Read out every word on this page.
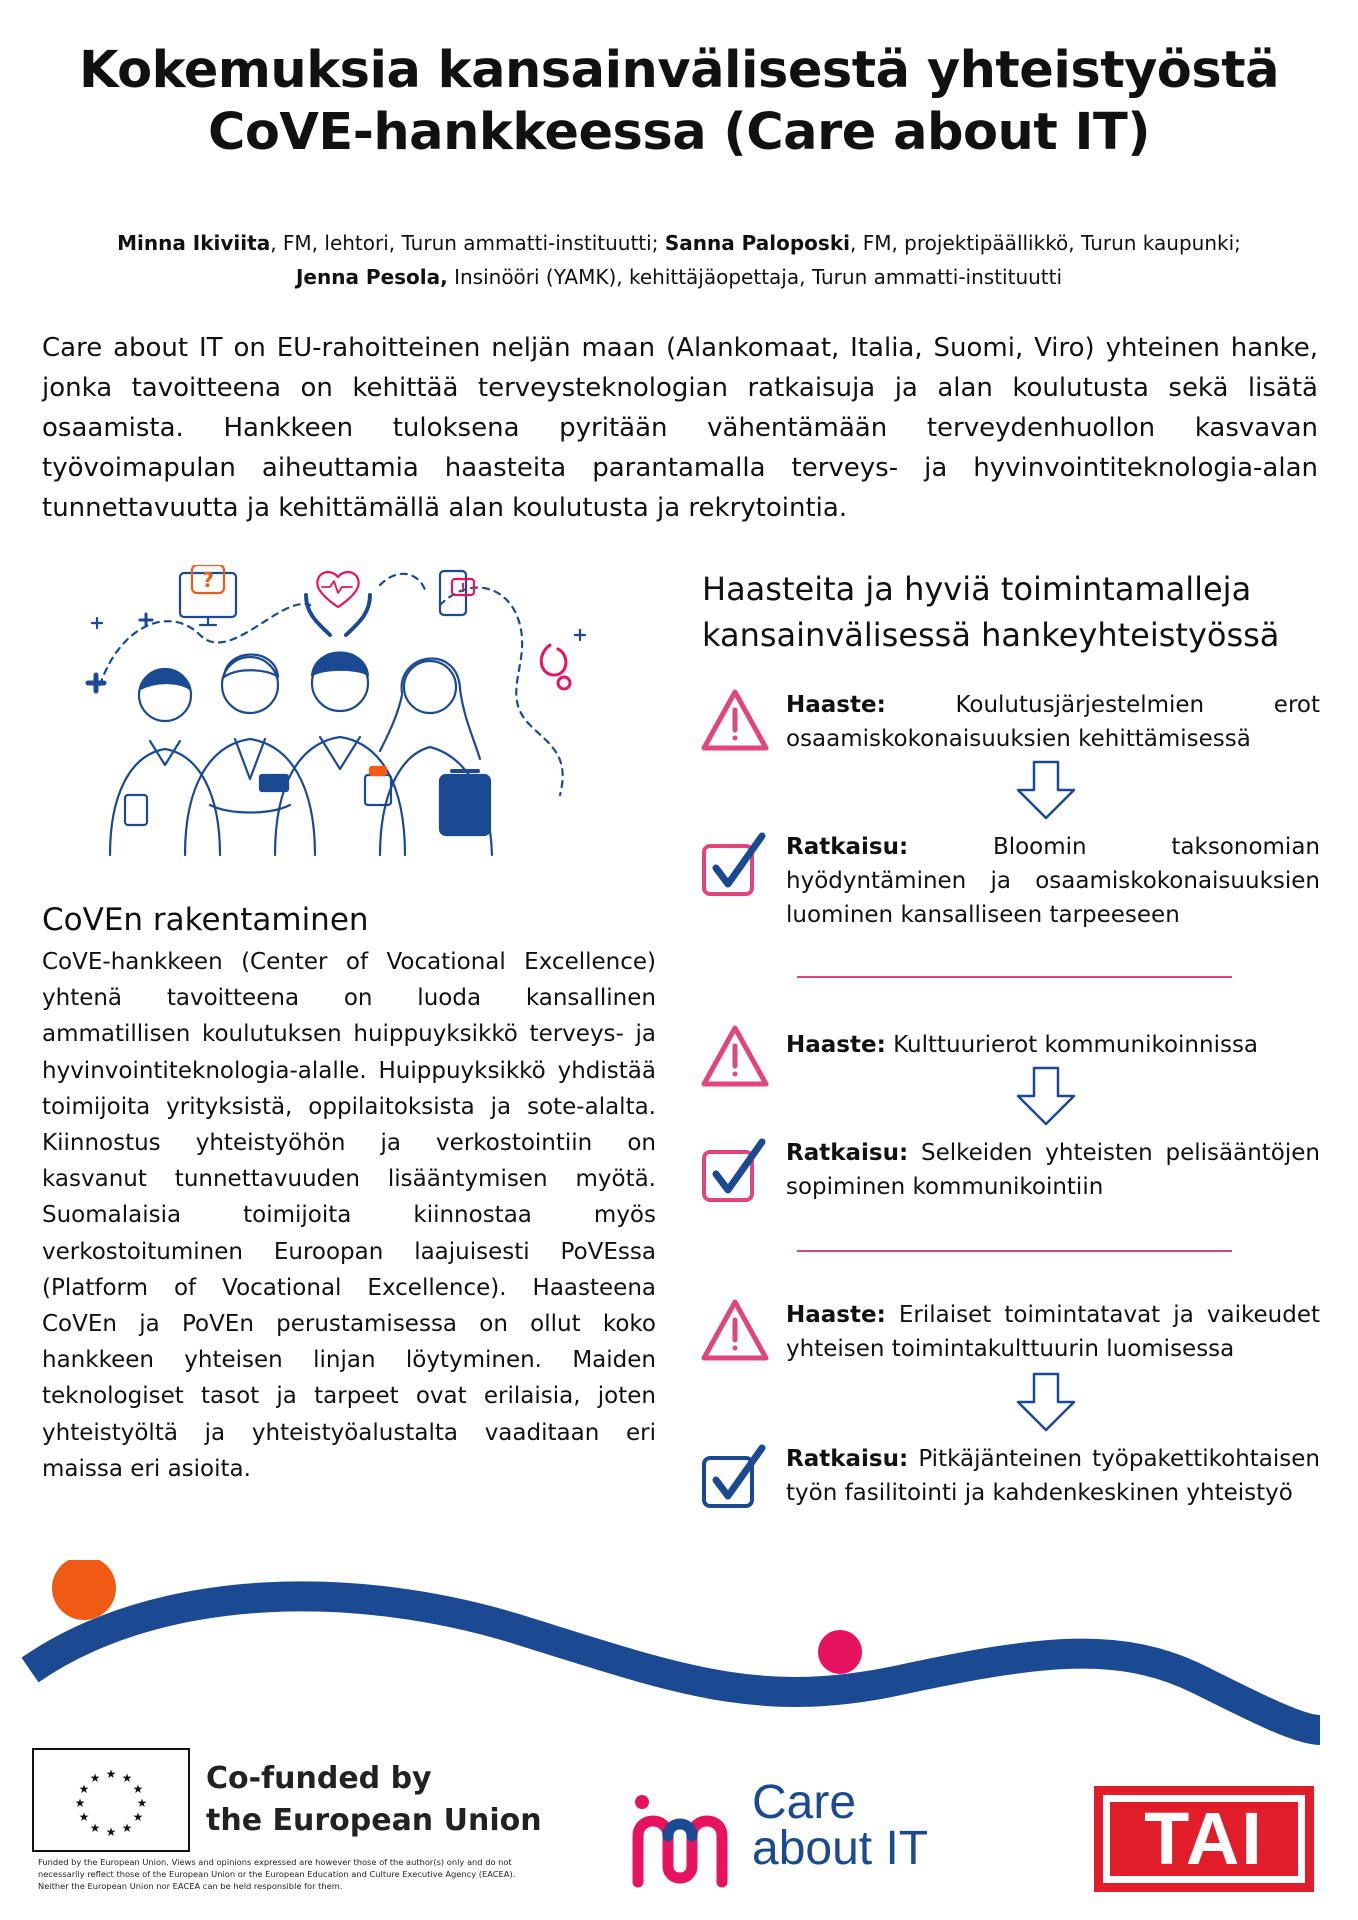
Kokemuksia kansainvälisestä yhteistyöstä
CoVE-hankkeessa (Care about IT)
Minna Ikiviita, FM, lehtori, Turun ammatti-instituutti; Sanna Paloposki, FM, projektipäällikkö, Turun kaupunki;
Jenna Pesola, Insinööri (YAMK), kehittäjäopettaja, Turun ammatti-instituutti

Care about IT on EU-rahoitteinen neljän maan (Alankomaat, Italia, Suomi, Viro) yhteinen hanke, jonka tavoitteena on kehittää terveysteknologian ratkaisuja ja alan koulutusta sekä lisätä osaamista. Hankkeen tuloksena pyritään vähentämään terveydenhuollon kasvavan työvoimapulan aiheuttamia haasteita parantamalla terveys- ja hyvinvointiteknologia-alan tunnettavuutta ja kehittämällä alan koulutusta ja rekrytointia.

?	!
CoVEn rakentaminen

CoVE-hankkeen (Center of Vocational Excellence) yhtenä tavoitteena on luoda kansallinen ammatillisen koulutuksen huippuyksikkö terveys- ja hyvinvointiteknologia-alalle. Huippuyksikkö yhdistää toimijoita yrityksistä, oppilaitoksista ja sote-alalta. Kiinnostus yhteistyöhön ja verkostointiin on kasvanut tunnettavuuden lisääntymisen myötä. Suomalaisia toimijoita kiinnostaa myös verkostoituminen Euroopan laajuisesti PoVEssa (Platform of Vocational Excellence). Haasteena CoVEn ja PoVEn perustamisessa on ollut koko hankkeen yhteisen linjan löytyminen. Maiden teknologiset tasot ja tarpeet ovat erilaisia, joten yhteistyöltä ja yhteistyöalustalta vaaditaan eri maissa eri asioita.

Haasteita ja hyviä toimintamalleja
kansainvälisessä hankeyhteistyössä
Haaste: Koulutusjärjestelmien erot osaamiskokonaisuuksien kehittämisessä
Ratkaisu: Bloomin taksonomian hyödyntäminen ja osaamiskokonaisuuksien luominen kansalliseen tarpeeseen
Haaste: Kulttuurierot kommunikoinnissa
Ratkaisu: Selkeiden yhteisten pelisääntöjen sopiminen kommunikointiin
Haaste: Erilaiset toimintatavat ja vaikeudet yhteisen toimintakulttuurin luomisessa
Ratkaisu: Pitkäjänteinen työpakettikohtaisen työn fasilitointi ja kahdenkeskinen yhteistyö
★ ★
★
★
★
★
★
★
★
★
★
★	Co-funded by
the European Union
Funded by the European Union. Views and opinions expressed are however those of the author(s) only and do not necessarily reflect those of the European Union or the European Education and Culture Executive Agency (EACEA). Neither the European Union nor EACEA can be held responsible for them.
Care
about IT	TAI
